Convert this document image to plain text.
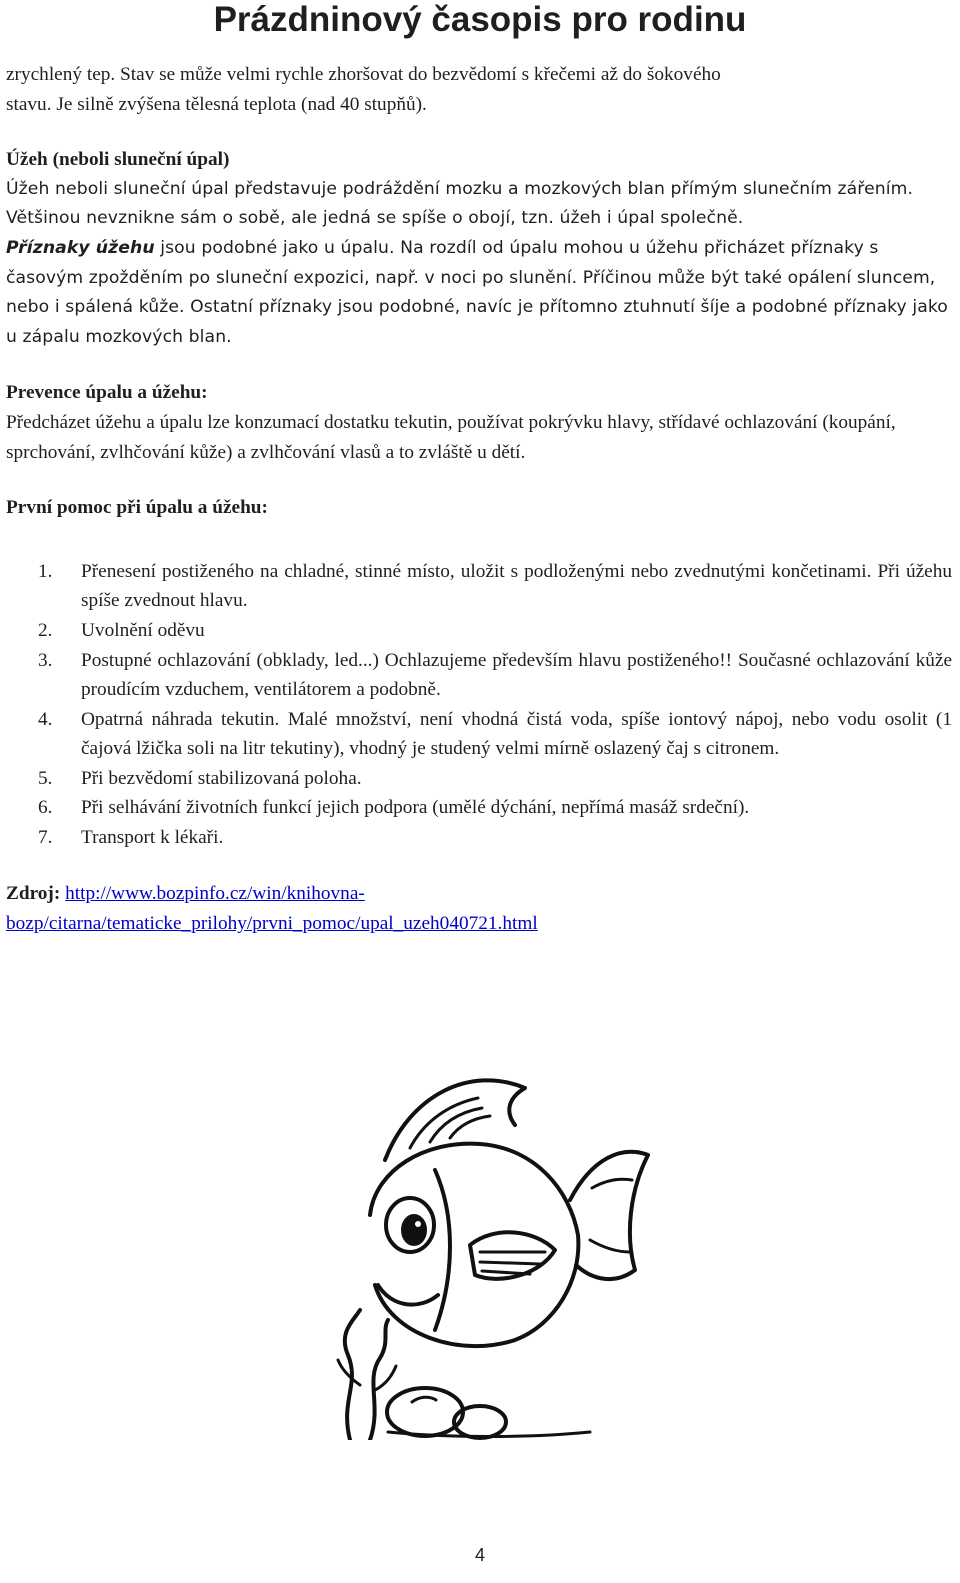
Prázdninový časopis pro rodinu

zrychlený tep. Stav se může velmi rychle zhoršovat do bezvědomí s křečemi až do šokového

stavu. Je silně zvýšena tělesná teplota (nad 40 stupňů).

Úžeh (neboli sluneční úpal)

Úžeh neboli sluneční úpal představuje podráždění mozku a mozkových blan přímým slunečním zářením. Většinou nevznikne sám o sobě, ale jedná se spíše o obojí, tzn. úžeh i úpal společně.

Příznaky úžehu jsou podobné jako u úpalu. Na rozdíl od úpalu mohou u úžehu přicházet příznaky s časovým zpožděním po sluneční expozici, např. v noci po slunění. Příčinou může být také opálení sluncem, nebo i spálená kůže. Ostatní příznaky jsou podobné, navíc je přítomno ztuhnutí šíje a podobné příznaky jako u zápalu mozkových blan.

Prevence úpalu a úžehu:

Předcházet úžehu a úpalu lze konzumací dostatku tekutin, používat pokrývku hlavy, střídavé ochlazování (koupání, sprchování, zvlhčování kůže) a zvlhčování vlasů a to zvláště u dětí.

První pomoc při úpalu a úžehu:

1. Přenesení postiženého na chladné, stinné místo, uložit s podloženými nebo zvednutými končetinami. Při úžehu spíše zvednout hlavu.
2. Uvolnění oděvu
3. Postupné ochlazování (obklady, led...) Ochlazujeme především hlavu postiženého!! Současné ochlazování kůže proudícím vzduchem, ventilátorem a podobně.
4. Opatrná náhrada tekutin. Malé množství, není vhodná čistá voda, spíše iontový nápoj, nebo vodu osolit (1 čajová lžička soli na litr tekutiny), vhodný je studený velmi mírně oslazený čaj s citronem.
5. Při bezvědomí stabilizovaná poloha.
6. Při selhávání životních funkcí jejich podpora (umělé dýchání, nepřímá masáž srdeční).
7. Transport k lékaři.
Zdroj: http://www.bozpinfo.cz/win/knihovna-
bozp/citarna/tematicke_prilohy/prvni_pomoc/upal_uzeh040721.html
4
